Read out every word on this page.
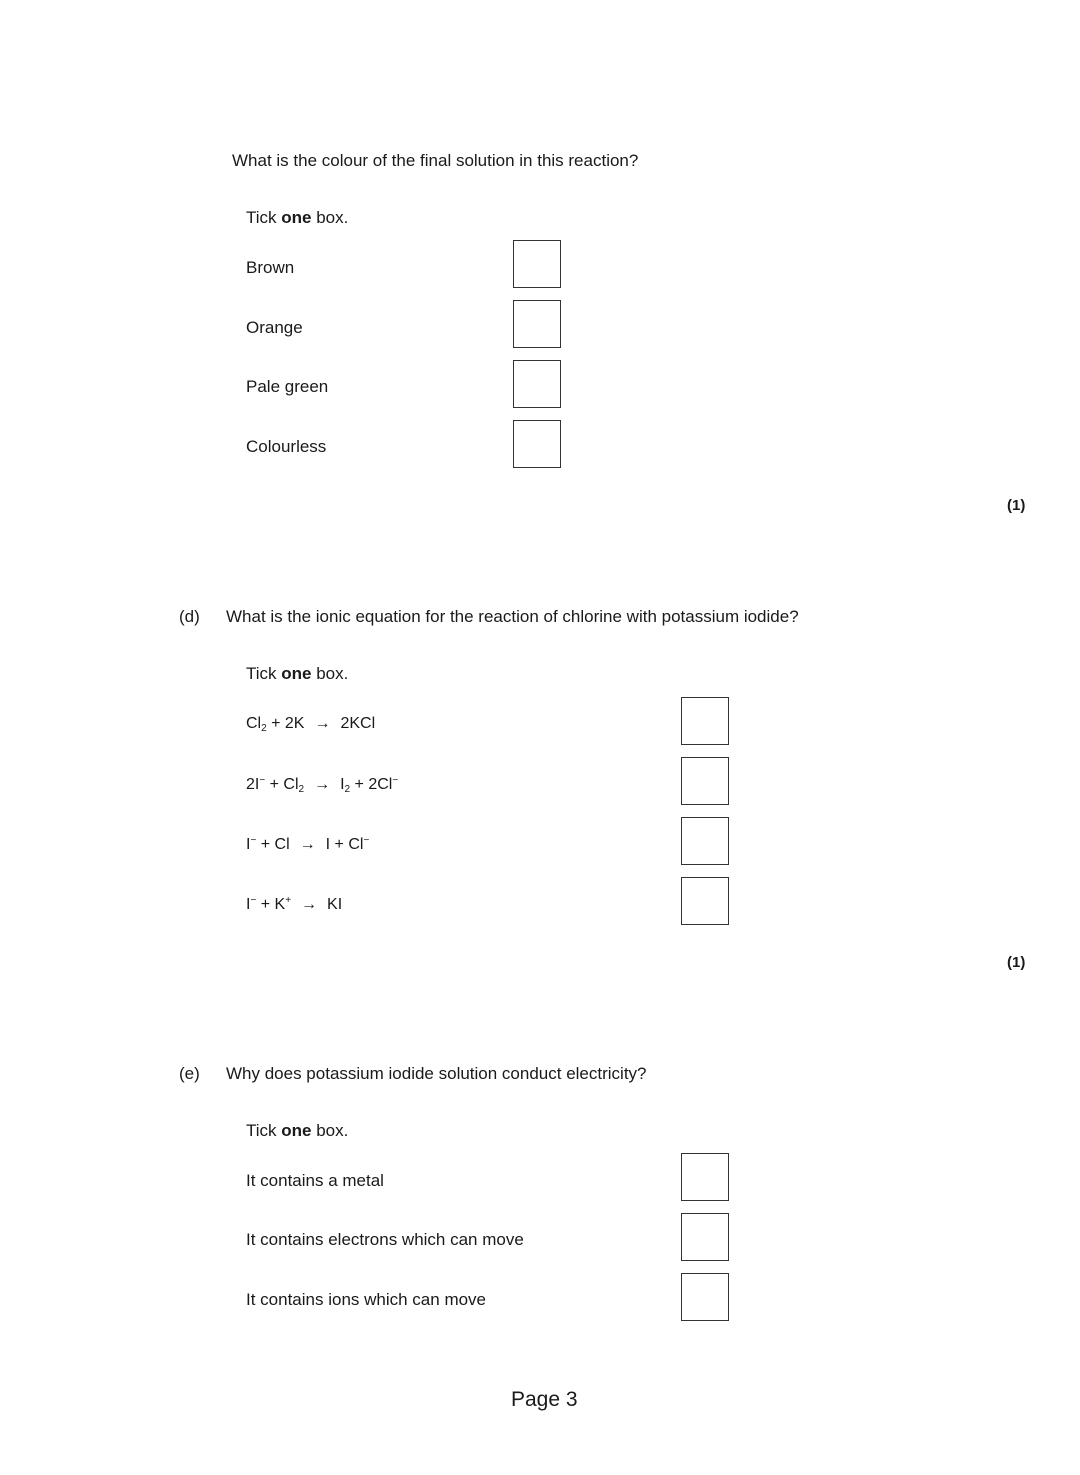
What is the colour of the final solution in this reaction?
Tick one box.
Brown
Orange
Pale green
Colourless
(1)
(d) What is the ionic equation for the reaction of chlorine with potassium iodide?
Tick one box.
$Cl_2 + 2K \to 2KCl$
$2I^- + Cl_2 \to I_2 + 2Cl^-$
I− + Cl → I + Cl−
I− + K+ → KI
(1)
(e) Why does potassium iodide solution conduct electricity?
Tick one box.
It contains a metal
It contains electrons which can move
It contains ions which can move
Page 3
